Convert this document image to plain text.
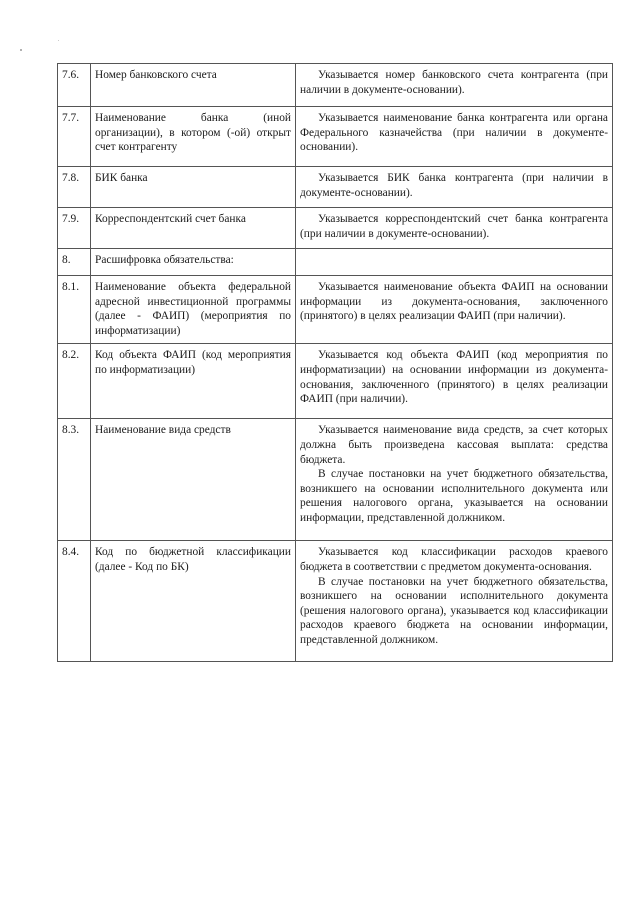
7.6.	Номер банковского счета	Указывается номер банковского счета контрагента (при наличии в документе-основании).

7.7.	Наименование банка (иной организации), в котором (-ой) открыт счет контрагенту	Указывается наименование банка контрагента или органа Федерального казначейства (при наличии в документе-основании).

7.8.	БИК банка	Указывается БИК банка контрагента (при наличии в документе-основании).

7.9.	Корреспондентский счет банка	Указывается корреспондентский счет банка контрагента (при наличии в документе-основании).

8.	Расшифровка обязательства:	
8.1.	Наименование объекта федеральной адресной инвестиционной программы (далее - ФАИП) (мероприятия по информатизации)	Указывается наименование объекта ФАИП на основании информации из документа-основания, заключенного (принятого) в целях реализации ФАИП (при наличии).

8.2.	Код объекта ФАИП (код мероприятия по информатизации)	Указывается код объекта ФАИП (код мероприятия по информатизации) на основании информации из документа-основания, заключенного (принятого) в целях реализации ФАИП (при наличии).

8.3.	Наименование вида средств	Указывается наименование вида средств, за счет которых должна быть произведена кассовая выплата: средства бюджета.

В случае постановки на учет бюджетного обязательства, возникшего на основании исполнительного документа или решения налогового органа, указывается на основании информации, представленной должником.

8.4.	Код по бюджетной классификации (далее - Код по БК)	Указывается код классификации расходов краевого бюджета в соответствии с предметом документа-основания.

В случае постановки на учет бюджетного обязательства, возникшего на основании исполнительного документа (решения налогового органа), указывается код классификации расходов краевого бюджета на основании информации, представленной должником.
